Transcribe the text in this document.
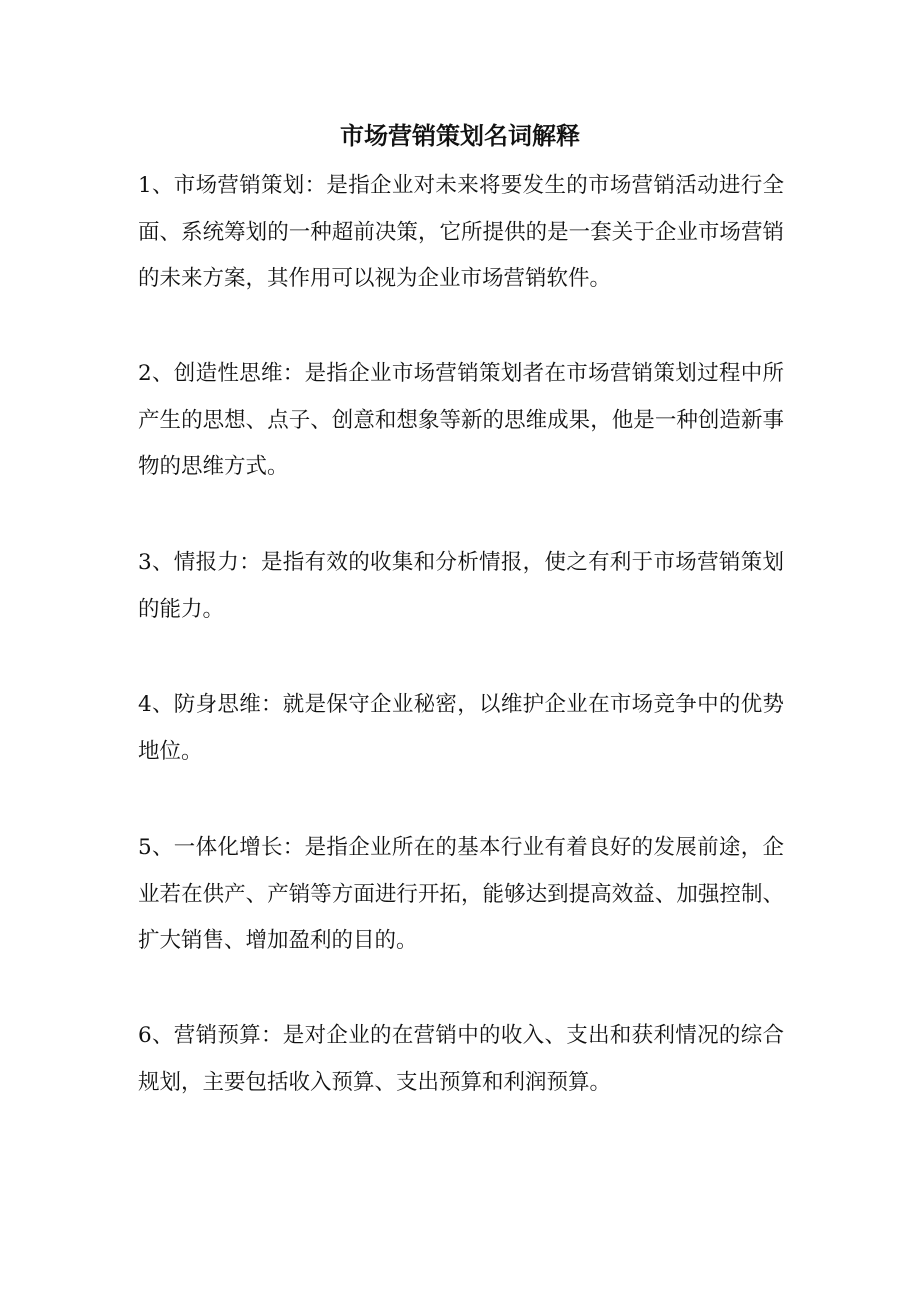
市场营销策划名词解释

1、市场营销策划：是指企业对未来将要发生的市场营销活动进行全面、系统筹划的一种超前决策，它所提供的是一套关于企业市场营销的未来方案，其作用可以视为企业市场营销软件。

2、创造性思维：是指企业市场营销策划者在市场营销策划过程中所产生的思想、点子、创意和想象等新的思维成果，他是一种创造新事物的思维方式。

3、情报力：是指有效的收集和分析情报，使之有利于市场营销策划的能力。

4、防身思维：就是保守企业秘密，以维护企业在市场竞争中的优势地位。

5、一体化增长：是指企业所在的基本行业有着良好的发展前途，企业若在供产、产销等方面进行开拓，能够达到提高效益、加强控制、扩大销售、增加盈利的目的。

6、营销预算：是对企业的在营销中的收入、支出和获利情况的综合规划，主要包括收入预算、支出预算和利润预算。
